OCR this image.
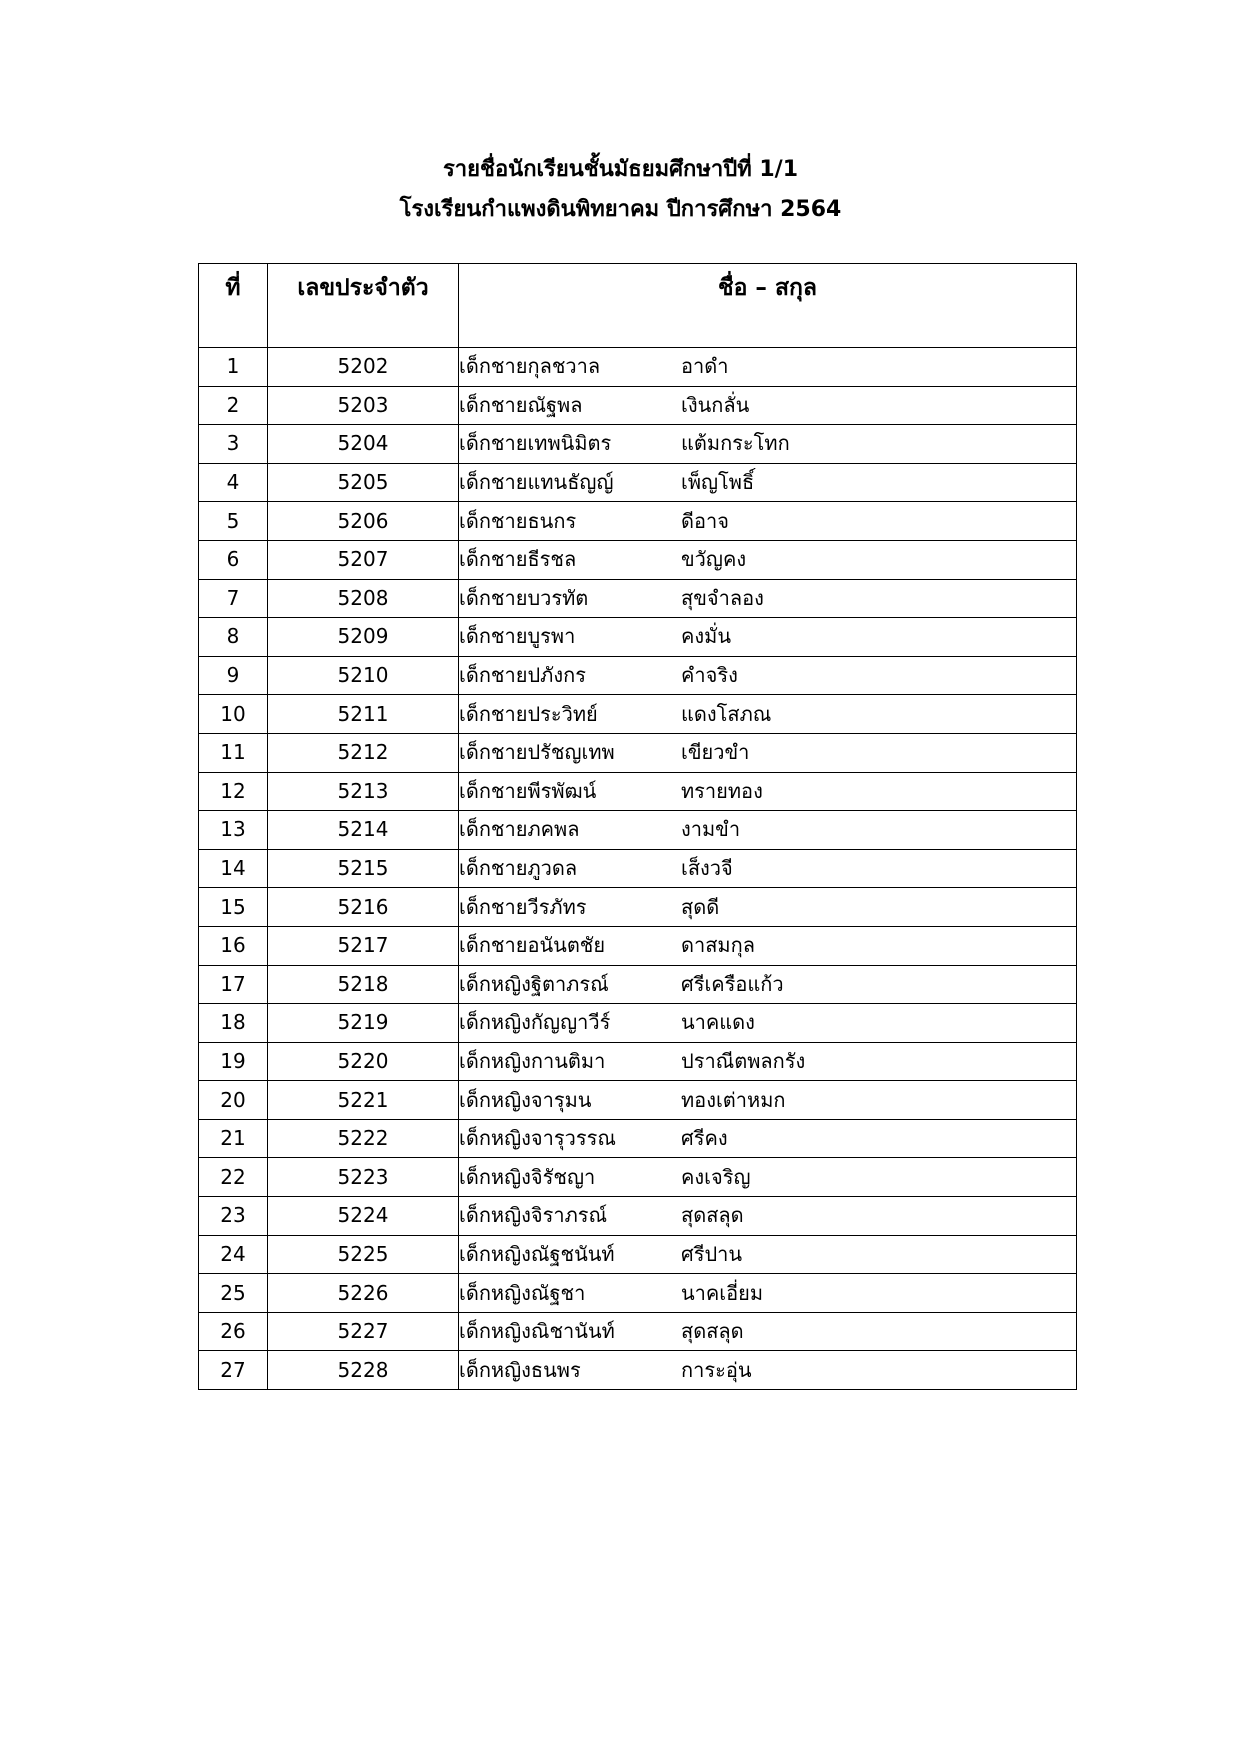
รายชื่อนักเรียนชั้นมัธยมศึกษาปีที่ 1/1
โรงเรียนกำแพงดินพิทยาคม ปีการศึกษา 2564
ที่	เลขประจำตัว	ชื่อ – สกุล
1	5202	เด็กชายกุลชวาล อาดำ
2	5203	เด็กชายณัฐพล เงินกลั่น
3	5204	เด็กชายเทพนิมิตร แต้มกระโทก
4	5205	เด็กชายแทนธัญญ์ เพ็ญโพธิ์
5	5206	เด็กชายธนกร ดีอาจ
6	5207	เด็กชายธีรชล ขวัญคง
7	5208	เด็กชายบวรทัต สุขจำลอง
8	5209	เด็กชายบูรพา คงมั่น
9	5210	เด็กชายปภังกร คำจริง
10	5211	เด็กชายประวิทย์ แดงโสภณ
11	5212	เด็กชายปรัชญเทพ เขียวขำ
12	5213	เด็กชายพีรพัฒน์ ทรายทอง
13	5214	เด็กชายภคพล งามขำ
14	5215	เด็กชายภูวดล เส็งวจี
15	5216	เด็กชายวีรภัทร สุดดี
16	5217	เด็กชายอนันตชัย ดาสมกุล
17	5218	เด็กหญิงฐิตาภรณ์ ศรีเครือแก้ว
18	5219	เด็กหญิงกัญญาวีร์ นาคแดง
19	5220	เด็กหญิงกานติมา ปราณีตพลกรัง
20	5221	เด็กหญิงจารุมน ทองเต่าหมก
21	5222	เด็กหญิงจารุวรรณ ศรีคง
22	5223	เด็กหญิงจิรัชญา คงเจริญ
23	5224	เด็กหญิงจิราภรณ์ สุดสลุด
24	5225	เด็กหญิงณัฐชนันท์ ศรีปาน
25	5226	เด็กหญิงณัฐชา นาคเอี่ยม
26	5227	เด็กหญิงณิชานันท์ สุดสลุด
27	5228	เด็กหญิงธนพร การะอุ่น
